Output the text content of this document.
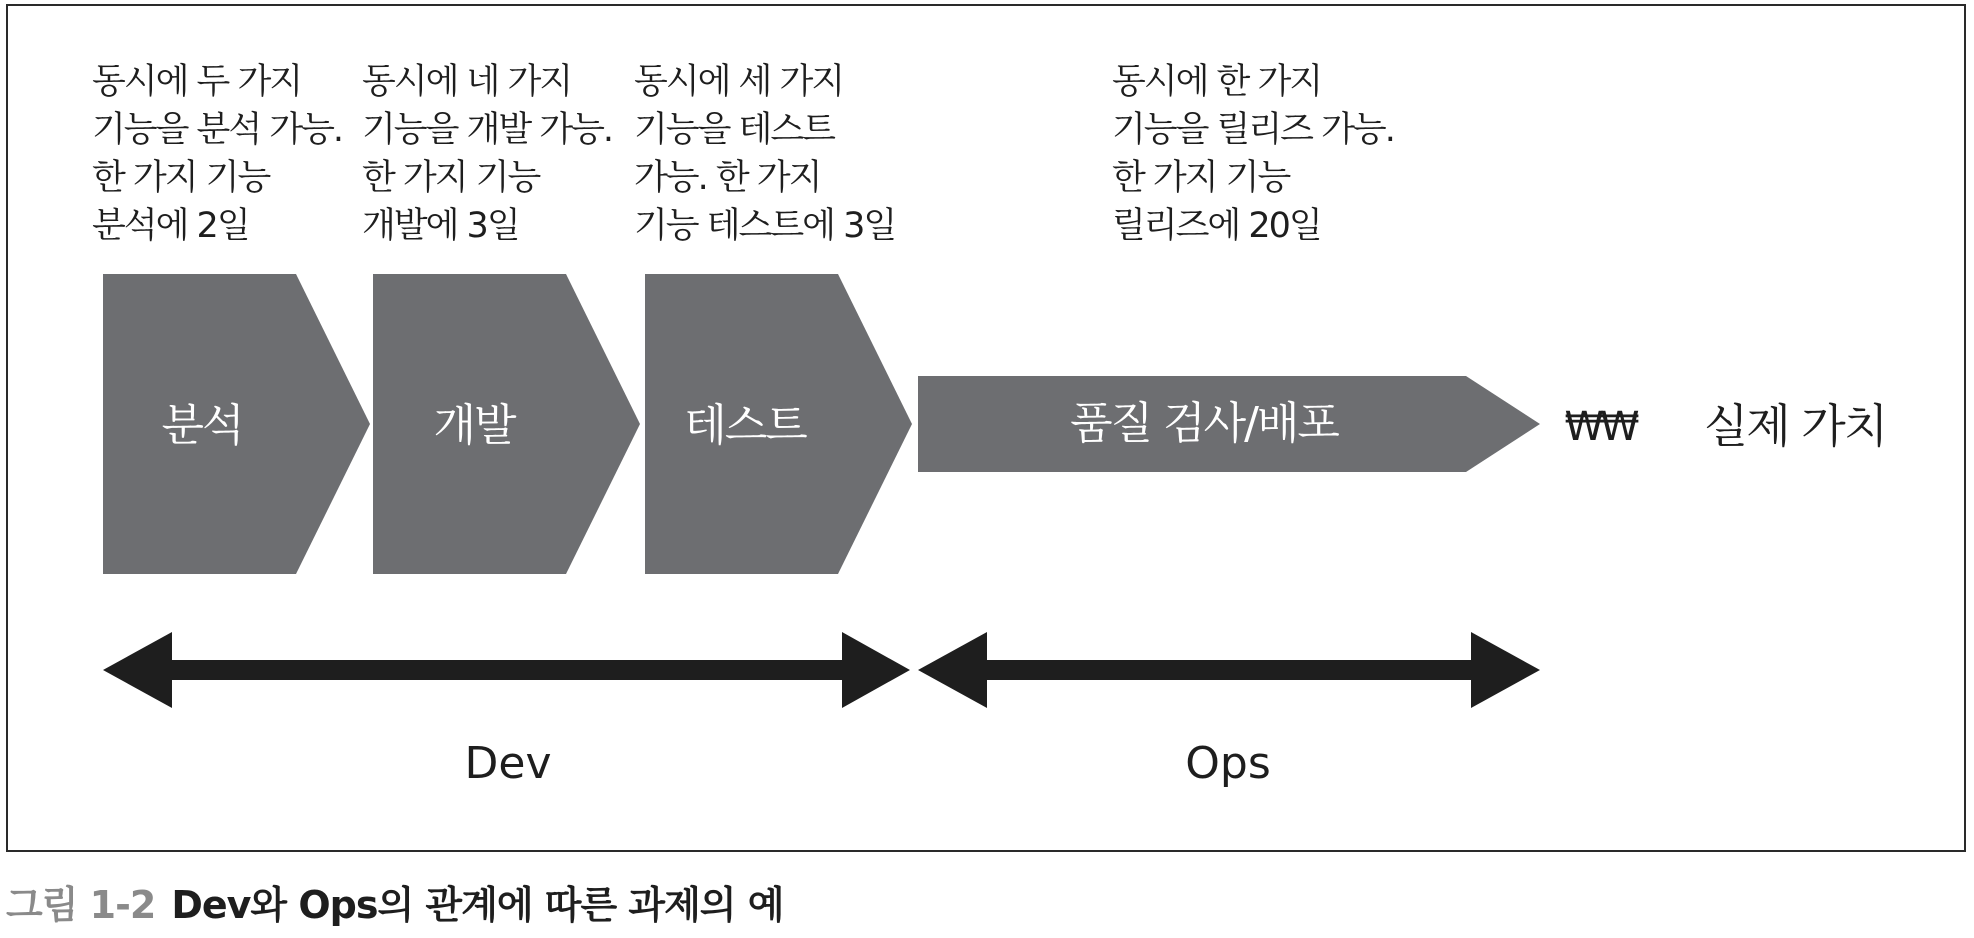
동시에 두 가지
기능을 분석 가능.
한 가지 기능
분석에 2일
동시에 네 가지
기능을 개발 가능.
한 가지 기능
개발에 3일
동시에 세 가지
기능을 테스트
가능. 한 가지
기능 테스트에 3일
동시에 한 가지
기능을 릴리즈 가능.
한 가지 기능
릴리즈에 20일
분석	개발	테스트	품질 검사/배포	₩₩ 실제 가치
Dev	Ops
그림 1-2 Dev와 Ops의 관계에 따른 과제의 예
